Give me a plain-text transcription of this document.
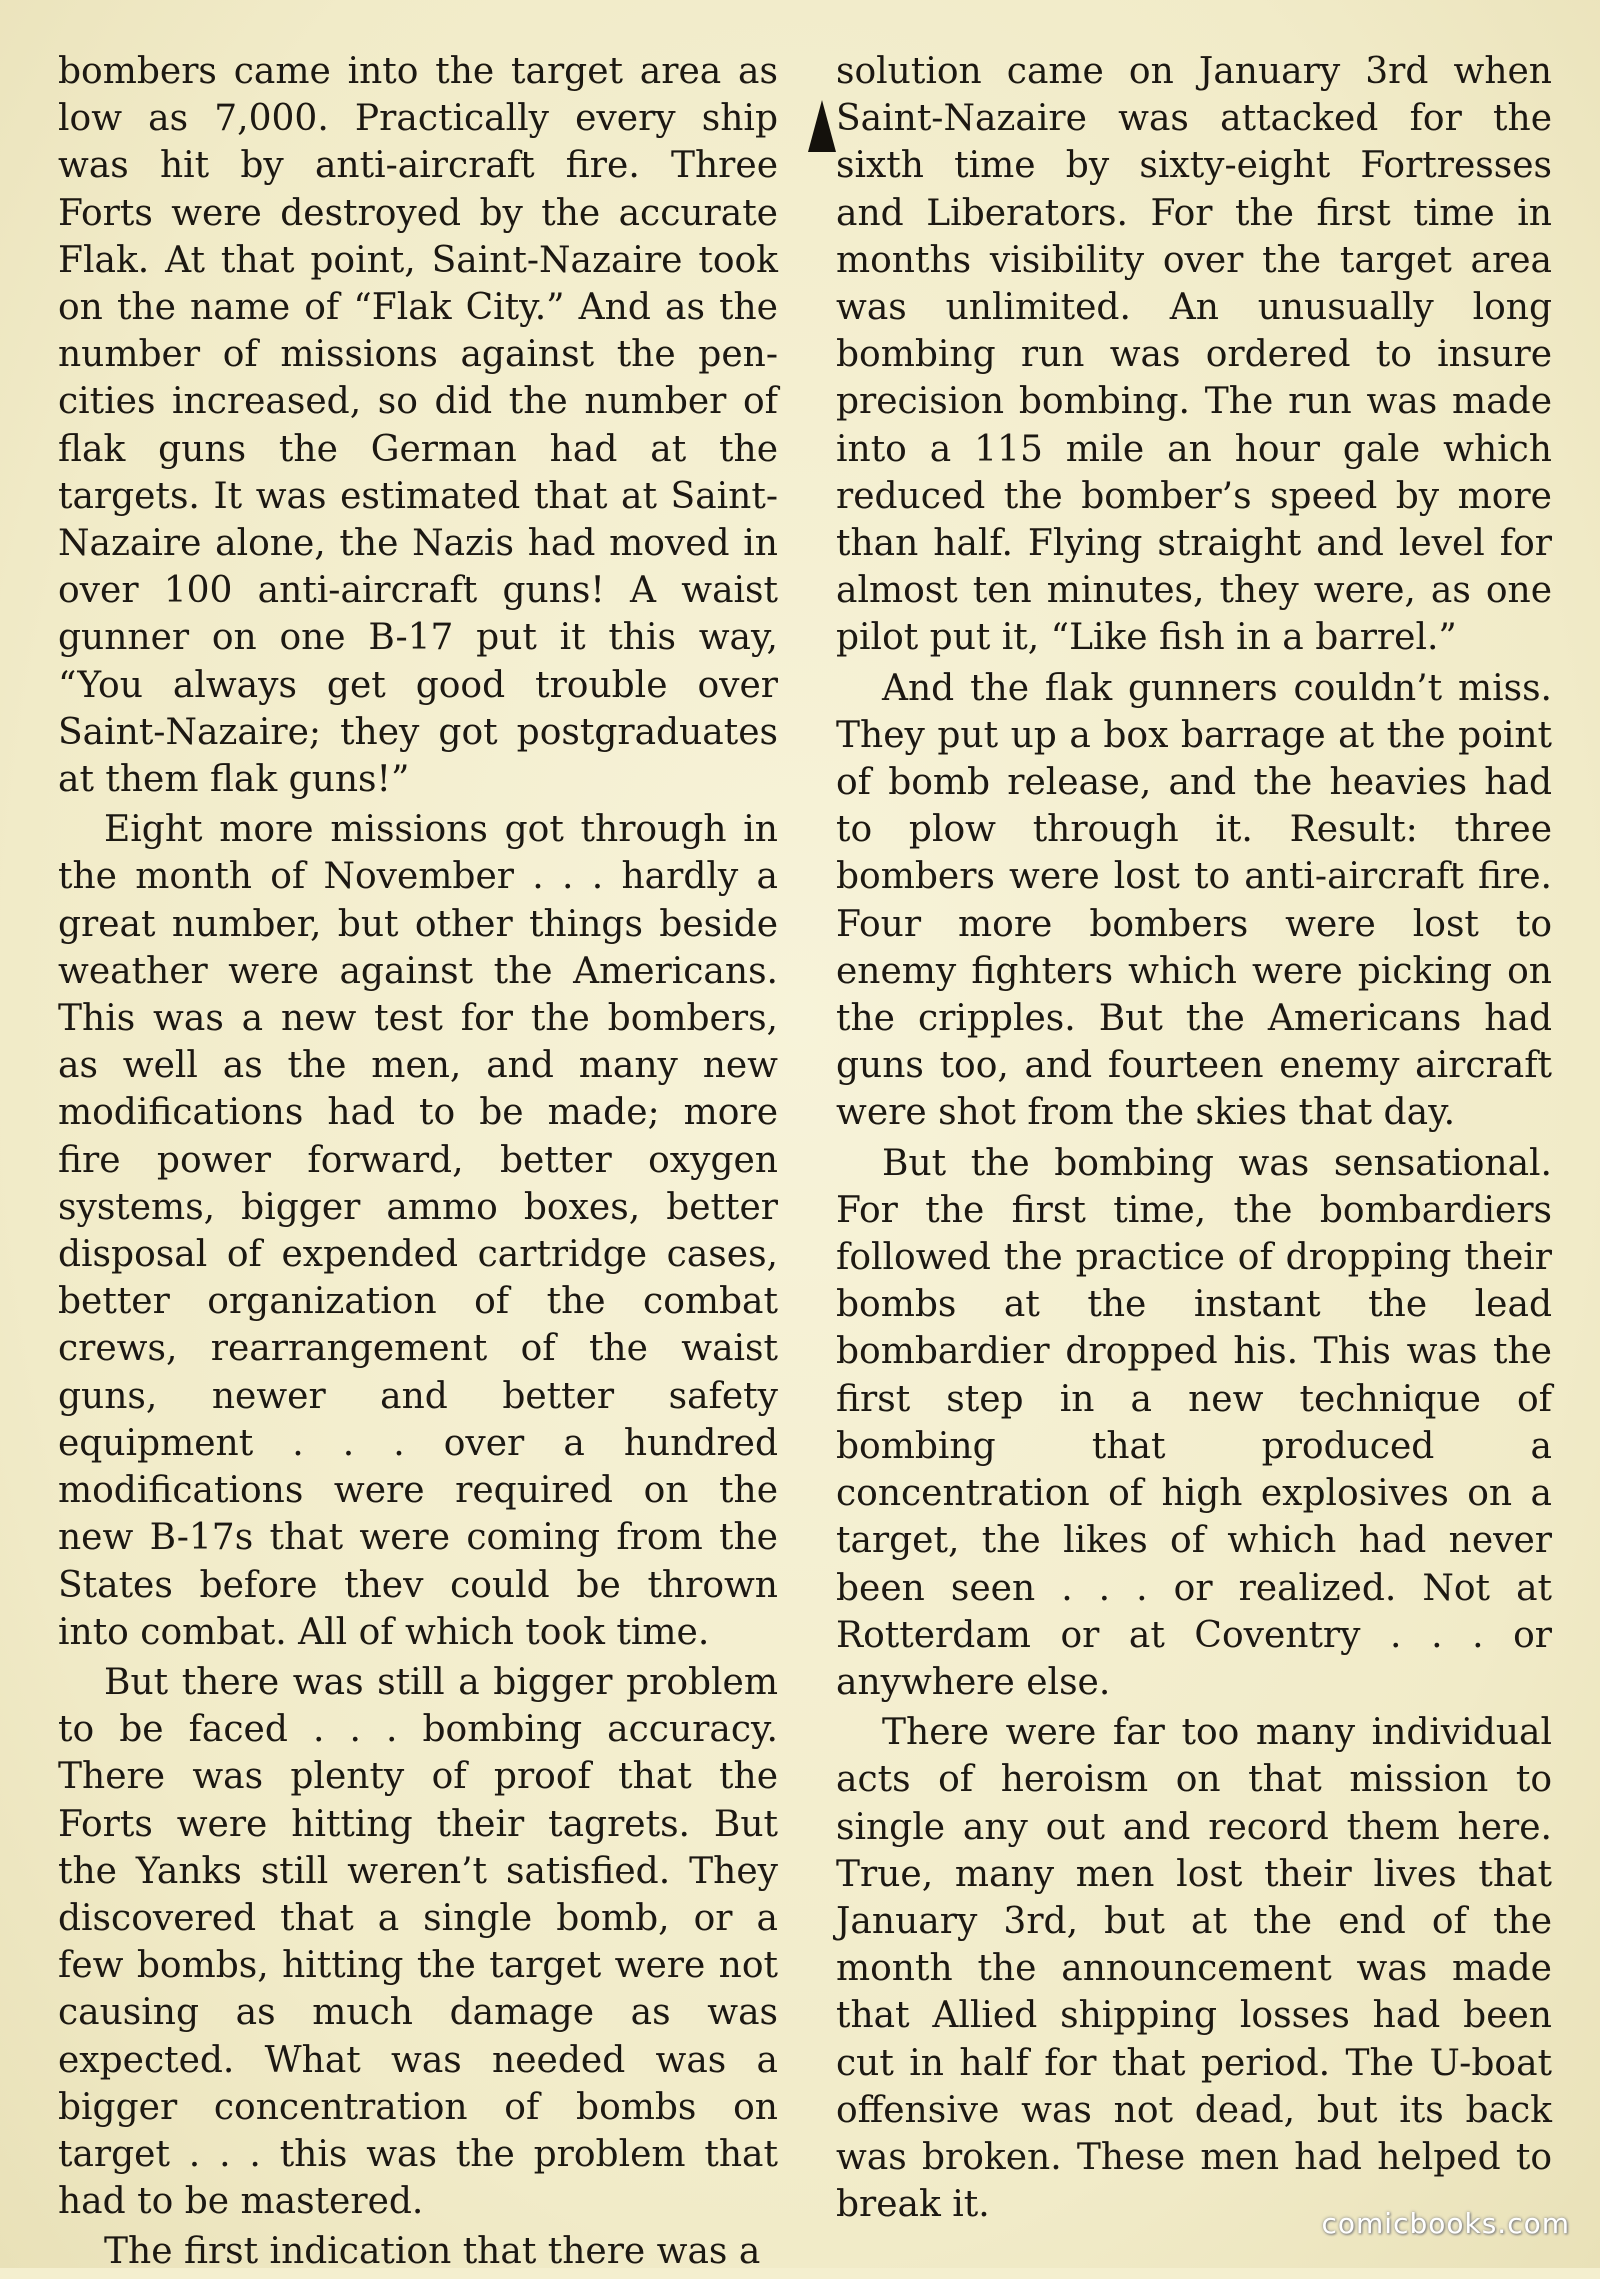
bombers came into the target area as low as 7,000. Practically every ship was hit by anti-aircraft fire. Three Forts were destroyed by the accurate Flak. At that point, Saint-Nazaire took on the name of “Flak City.” And as the number of missions against the pen-cities increased, so did the number of flak guns the German had at the targets. It was estimated that at Saint-Nazaire alone, the Nazis had moved in over 100 anti-aircraft guns! A waist gunner on one B-17 put it this way, “You always get good trouble over Saint-Nazaire; they got postgraduates at them flak guns!”

Eight more missions got through in the month of November . . . hardly a great number, but other things beside weather were against the Americans. This was a new test for the bombers, as well as the men, and many new modifications had to be made; more fire power forward, better oxygen systems, bigger ammo boxes, better disposal of expended cartridge cases, better organization of the combat crews, rearrangement of the waist guns, newer and better safety equipment . . . over a hundred modifications were required on the new B-17s that were coming from the States before thev could be thrown into combat. All of which took time.

But there was still a bigger problem to be faced . . . bombing accuracy. There was plenty of proof that the Forts were hitting their tagrets. But the Yanks still weren’t satisfied. They discovered that a single bomb, or a few bombs, hitting the target were not causing as much damage as was expected. What was needed was a bigger concentration of bombs on target . . . this was the problem that had to be mastered.

The first indication that there was a

solution came on January 3rd when Saint-Nazaire was attacked for the sixth time by sixty-eight Fortresses and Liberators. For the first time in months visibility over the target area was unlimited. An unusually long bombing run was ordered to insure precision bombing. The run was made into a 115 mile an hour gale which reduced the bomber’s speed by more than half. Flying straight and level for almost ten minutes, they were, as one pilot put it, “Like fish in a barrel.”

And the flak gunners couldn’t miss. They put up a box barrage at the point of bomb release, and the heavies had to plow through it. Result: three bombers were lost to anti-aircraft fire. Four more bombers were lost to enemy fighters which were picking on the cripples. But the Americans had guns too, and fourteen enemy aircraft were shot from the skies that day.

But the bombing was sensational. For the first time, the bombardiers followed the practice of dropping their bombs at the instant the lead bombardier dropped his. This was the first step in a new technique of bombing that produced a concentration of high explosives on a target, the likes of which had never been seen . . . or realized. Not at Rotterdam or at Coventry . . . or anywhere else.

There were far too many individual acts of heroism on that mission to single any out and record them here. True, many men lost their lives that January 3rd, but at the end of the month the announcement was made that Allied shipping losses had been cut in half for that period. The U-boat offensive was not dead, but its back was broken. These men had helped to break it.	comicbooks.com
